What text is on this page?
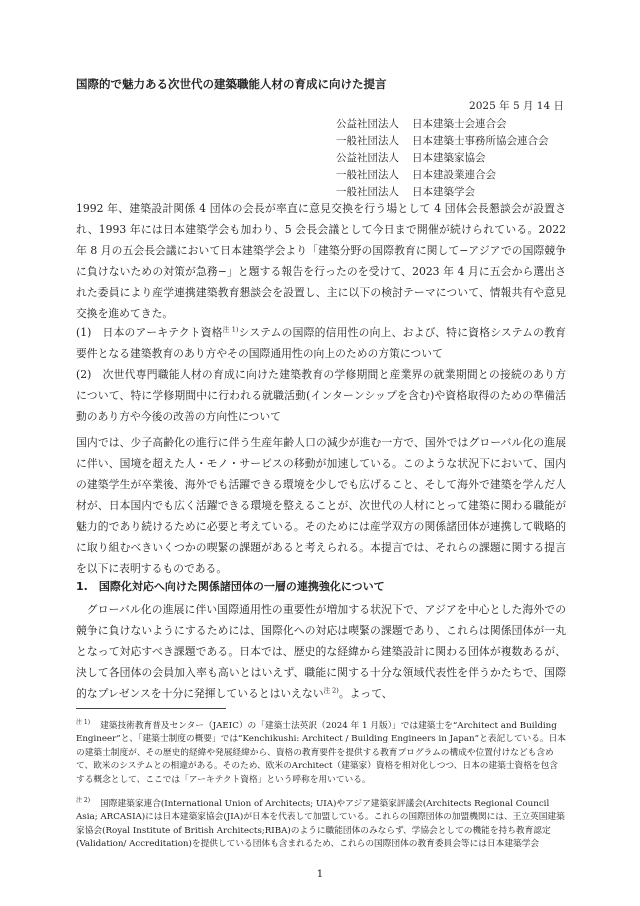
国際的で魅力ある次世代の建築職能人材の育成に向けた提言
2025 年 5 月 14 日
公益社団法人	日本建築士会連合会
一般社団法人	日本建築士事務所協会連合会
公益社団法人	日本建築家協会
一般社団法人	日本建設業連合会
一般社団法人	日本建築学会

1992 年、建築設計関係 4 団体の会長が率直に意見交換を行う場として 4 団体会長懇談会が設置され、1993 年には日本建築学会も加わり、5 会長会議として今日まで開催が続けられている。2022 年 8 月の五会長会議において日本建築学会より「建築分野の国際教育に関して−アジアでの国際競争に負けないための対策が急務−」と題する報告を行ったのを受けて、2023 年 4 月に五会から選出された委員により産学連携建築教育懇談会を設置し、主に以下の検討テーマについて、情報共有や意見交換を進めてきた。

(1)　日本のアーキテクト資格$^{注 1)}$システムの国際的信用性の向上、および、特に資格システムの教育要件となる建築教育のあり方やその国際通用性の向上のための方策について

(2)　次世代専門職能人材の育成に向けた建築教育の学修期間と産業界の就業期間との接続のあり方について、特に学修期間中に行われる就職活動(インターンシップを含む)や資格取得のための準備活動のあり方や今後の改善の方向性について

国内では、少子高齢化の進行に伴う生産年齢人口の減少が進む一方で、国外ではグローバル化の進展に伴い、国境を超えた人・モノ・サービスの移動が加速している。このような状況下において、国内の建築学生が卒業後、海外でも活躍できる環境を少しでも広げること、そして海外で建築を学んだ人材が、日本国内でも広く活躍できる環境を整えることが、次世代の人材にとって建築に関わる職能が魅力的であり続けるために必要と考えている。そのためには産学双方の関係諸団体が連携して戦略的に取り組むべきいくつかの喫緊の課題があると考えられる。本提言では、それらの課題に関する提言を以下に表明するものである。

1.　国際化対応へ向けた関係諸団体の一層の連携強化について

グローバル化の進展に伴い国際通用性の重要性が増加する状況下で、アジアを中心とした海外での競争に負けないようにするためには、国際化への対応は喫緊の課題であり、これらは関係団体が一丸となって対応すべき課題である。日本では、歴史的な経緯から建築設計に関わる団体が複数あるが、決して各団体の会員加入率も高いとはいえず、職能に関する十分な領域代表性を伴うかたちで、国際的なプレゼンスを十分に発揮しているとはいえない$^{注 2)}$。よって、

$^{注 1)}$ 建築技術教育普及センター（JAEIC）の「建築士法英訳（2024 年 1 月版）」では建築士を“Architect and Building Engineer”と、「建築士制度の概要」では“Kenchikushi: Architect / Building Engineers in Japan”と表記している。日本の建築士制度が、その歴史的経緯や発展経緯から、資格の教育要件を提供する教育プログラムの構成や位置付けなども含めて、欧米のシステムとの相違がある。そのため、欧米のArchitect（建築家）資格を相対化しつつ、日本の建築士資格を包含する概念として、ここでは「アーキテクト資格」という呼称を用いている。

$^{注 2)}$ 国際建築家連合(International Union of Architects; UIA)やアジア建築家評議会(Architects Regional Council Asia; ARCASIA)には日本建築家協会(JIA)が日本を代表して加盟している。これらの国際団体の加盟機関には、王立英国建築家協会(Royal Institute of British Architects;RIBA)のように職能団体のみならず、学協会としての機能を持ち教育認定(Validation/ Accreditation)を提供している団体も含まれるため、これらの国際団体の教育委員会等には日本建築学会

1
